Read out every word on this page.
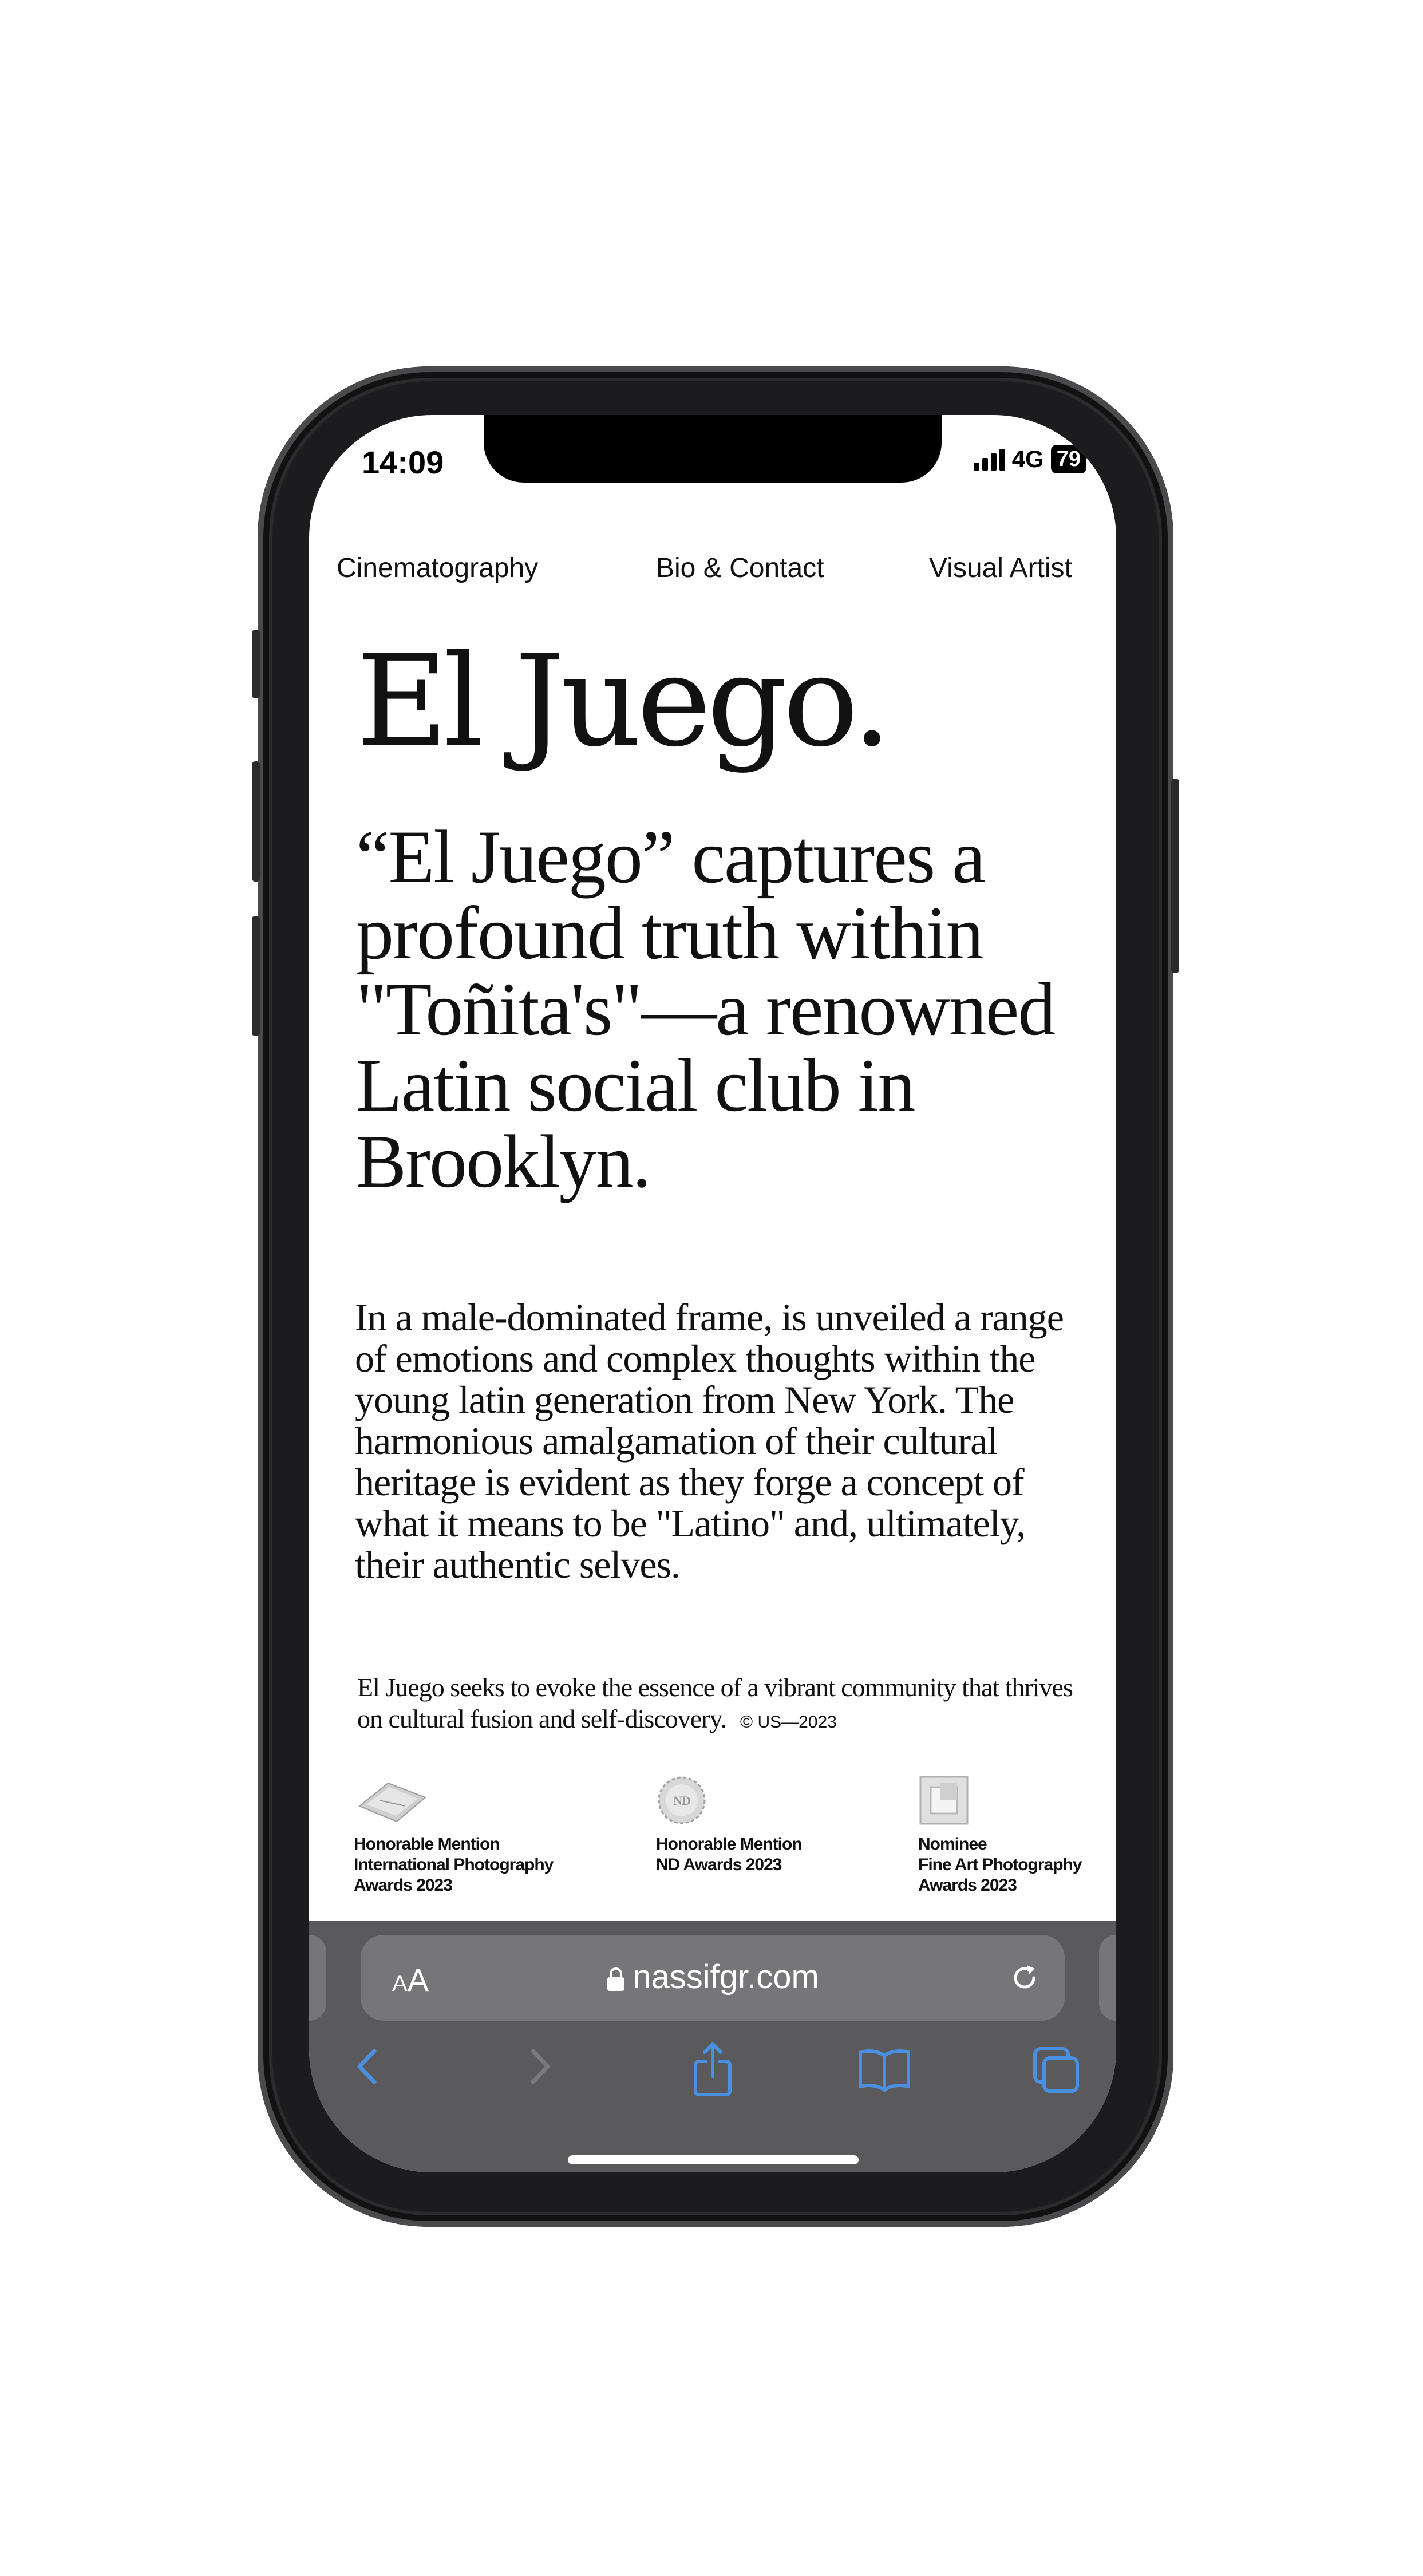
14:09	4G 79
Cinematography	Bio & Contact	Visual Artist
El Juego.
“El Juego” captures a profound truth within "Toñita's"—a renowned Latin social club in Brooklyn.
In a male-dominated frame, is unveiled a range of emotions and complex thoughts within the young latin generation from New York. The harmonious amalgamation of their cultural heritage is evident as they forge a concept of what it means to be "Latino" and, ultimately, their authentic selves.
El Juego seeks to evoke the essence of a vibrant community that thrives on cultural fusion and self-discovery. © US—2023
Honorable Mention
International Photography
Awards 2023
ND
Honorable Mention
ND Awards 2023
Nominee
Fine Art Photography
Awards 2023
AA	nassifgr.com
